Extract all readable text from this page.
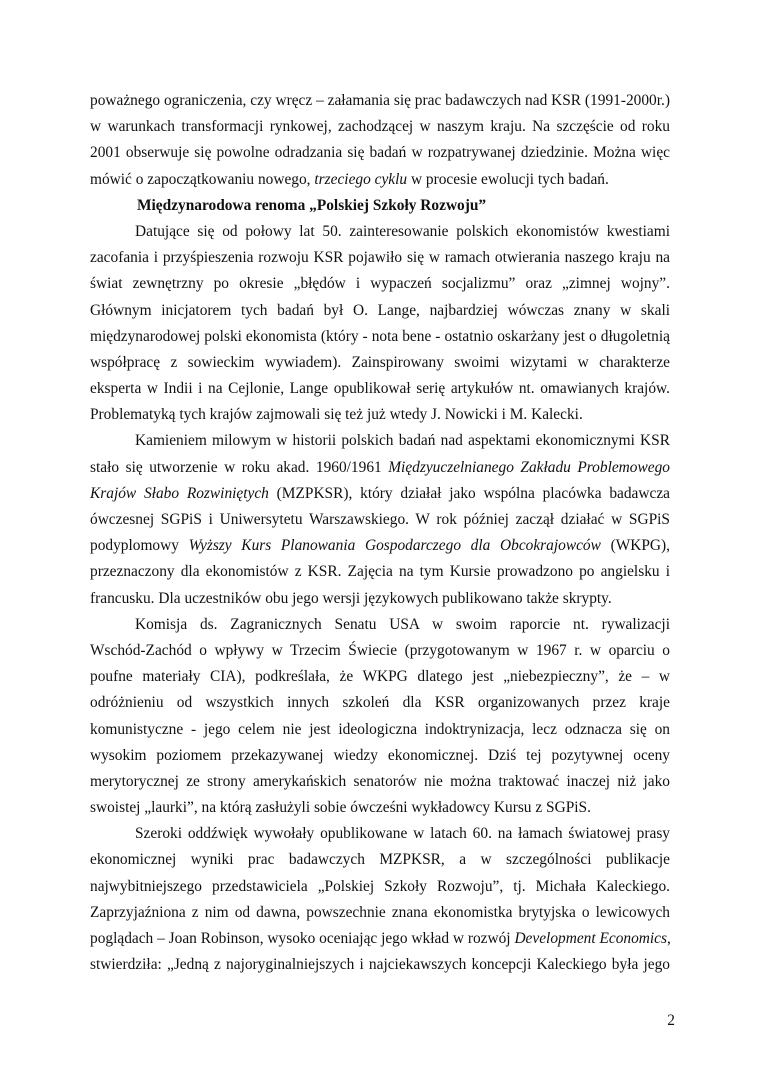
poważnego ograniczenia, czy wręcz – załamania się prac badawczych nad KSR (1991-2000r.)
w warunkach transformacji rynkowej, zachodzącej w naszym kraju. Na szczęście od roku
2001 obserwuje się powolne odradzania się badań w rozpatrywanej dziedzinie. Można więc
mówić o zapoczątkowaniu nowego, trzeciego cyklu w procesie ewolucji tych badań.
Międzynarodowa renoma „Polskiej Szkoły Rozwoju”
Datujące się od połowy lat 50. zainteresowanie polskich ekonomistów kwestiami
zacofania i przyśpieszenia rozwoju KSR pojawiło się w ramach otwierania naszego kraju na
świat zewnętrzny po okresie „błędów i wypaczeń socjalizmu” oraz „zimnej wojny”.
Głównym inicjatorem tych badań był O. Lange, najbardziej wówczas znany w skali
międzynarodowej polski ekonomista (który - nota bene - ostatnio oskarżany jest o długoletnią
współpracę z sowieckim wywiadem). Zainspirowany swoimi wizytami w charakterze
eksperta w Indii i na Cejlonie, Lange opublikował serię artykułów nt. omawianych krajów.
Problematyką tych krajów zajmowali się też już wtedy J. Nowicki i M. Kalecki.
Kamieniem milowym w historii polskich badań nad aspektami ekonomicznymi KSR
stało się utworzenie w roku akad. 1960/1961 Międzyuczelnianego Zakładu Problemowego
Krajów Słabo Rozwiniętych (MZPKSR), który działał jako wspólna placówka badawcza
ówczesnej SGPiS i Uniwersytetu Warszawskiego. W rok później zaczął działać w SGPiS
podyplomowy Wyższy Kurs Planowania Gospodarczego dla Obcokrajowców (WKPG),
przeznaczony dla ekonomistów z KSR. Zajęcia na tym Kursie prowadzono po angielsku i
francusku. Dla uczestników obu jego wersji językowych publikowano także skrypty.
Komisja ds. Zagranicznych Senatu USA w swoim raporcie nt. rywalizacji
Wschód-Zachód o wpływy w Trzecim Świecie (przygotowanym w 1967 r. w oparciu o
poufne materiały CIA), podkreślała, że WKPG dlatego jest „niebezpieczny”, że – w
odróżnieniu od wszystkich innych szkoleń dla KSR organizowanych przez kraje
komunistyczne - jego celem nie jest ideologiczna indoktrynizacja, lecz odznacza się on
wysokim poziomem przekazywanej wiedzy ekonomicznej. Dziś tej pozytywnej oceny
merytorycznej ze strony amerykańskich senatorów nie można traktować inaczej niż jako
swoistej „laurki”, na którą zasłużyli sobie ówcześni wykładowcy Kursu z SGPiS.
Szeroki oddźwięk wywołały opublikowane w latach 60. na łamach światowej prasy
ekonomicznej wyniki prac badawczych MZPKSR, a w szczególności publikacje
najwybitniejszego przedstawiciela „Polskiej Szkoły Rozwoju”, tj. Michała Kaleckiego.
Zaprzyjaźniona z nim od dawna, powszechnie znana ekonomistka brytyjska o lewicowych
poglądach – Joan Robinson, wysoko oceniając jego wkład w rozwój Development Economics,
stwierdziła: „Jedną z najoryginalniejszych i najciekawszych koncepcji Kaleckiego była jego
2
